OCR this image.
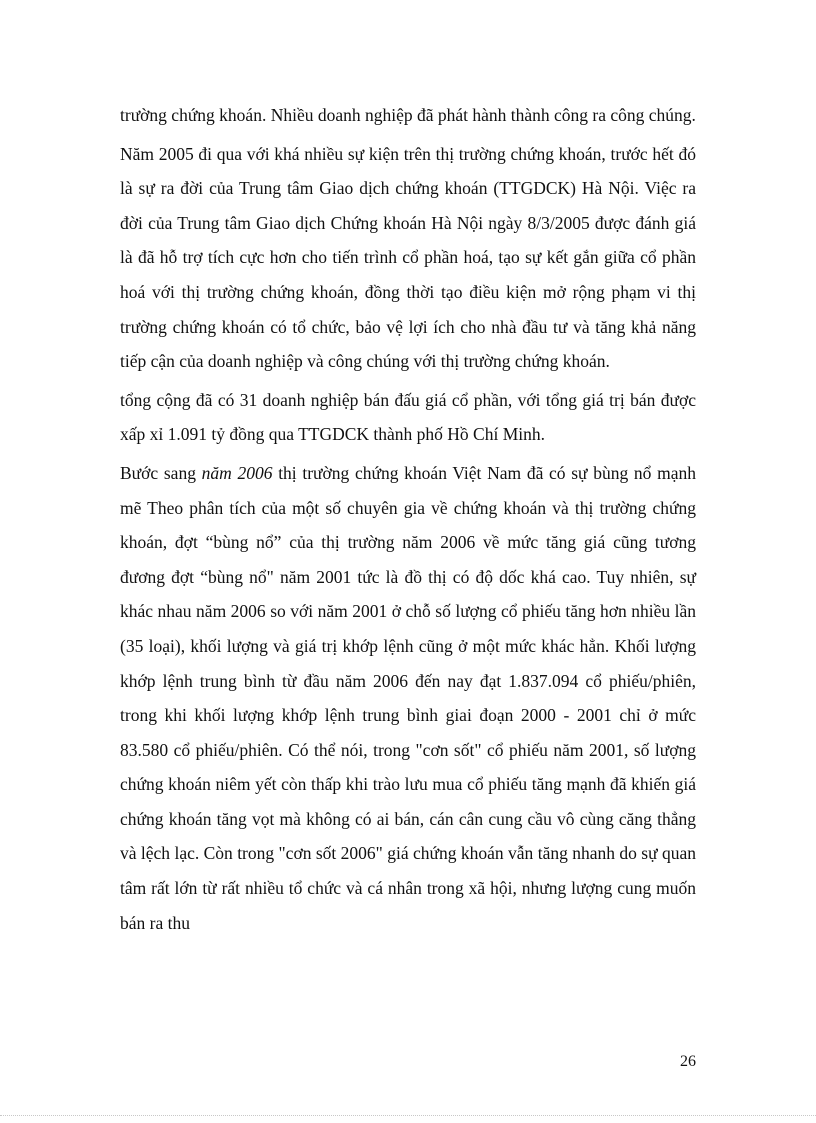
trường chứng khoán. Nhiều doanh nghiệp đã phát hành thành công ra công chúng.

Năm 2005 đi qua với khá nhiều sự kiện trên thị trường chứng khoán, trước hết đó là sự ra đời của Trung tâm Giao dịch chứng khoán (TTGDCK) Hà Nội. Việc ra đời của Trung tâm Giao dịch Chứng khoán Hà Nội ngày 8/3/2005 được đánh giá là đã hỗ trợ tích cực hơn cho tiến trình cổ phần hoá, tạo sự kết gắn giữa cổ phần hoá với thị trường chứng khoán, đồng thời tạo điều kiện mở rộng phạm vi thị trường chứng khoán có tổ chức, bảo vệ lợi ích cho nhà đầu tư và tăng khả năng tiếp cận của doanh nghiệp và công chúng với thị trường chứng khoán.

tổng cộng đã có 31 doanh nghiệp bán đấu giá cổ phần, với tổng giá trị bán được xấp xỉ 1.091 tỷ đồng qua TTGDCK thành phố Hồ Chí Minh.

Bước sang năm 2006 thị trường chứng khoán Việt Nam đã có sự bùng nổ mạnh mẽ Theo phân tích của một số chuyên gia về chứng khoán và thị trường chứng khoán, đợt “bùng nổ” của thị trường năm 2006 về mức tăng giá cũng tương đương đợt “bùng nổ" năm 2001 tức là đồ thị có độ dốc khá cao. Tuy nhiên, sự khác nhau năm 2006 so với năm 2001 ở chỗ số lượng cổ phiếu tăng hơn nhiều lần (35 loại), khối lượng và giá trị khớp lệnh cũng ở một mức khác hẳn. Khối lượng khớp lệnh trung bình từ đầu năm 2006 đến nay đạt 1.837.094 cổ phiếu/phiên, trong khi khối lượng khớp lệnh trung bình giai đoạn 2000 - 2001 chỉ ở mức 83.580 cổ phiếu/phiên. Có thể nói, trong "cơn sốt" cổ phiếu năm 2001, số lượng chứng khoán niêm yết còn thấp khi trào lưu mua cổ phiếu tăng mạnh đã khiến giá chứng khoán tăng vọt mà không có ai bán, cán cân cung cầu vô cùng căng thẳng và lệch lạc. Còn trong "cơn sốt 2006" giá chứng khoán vẫn tăng nhanh do sự quan tâm rất lớn từ rất nhiều tổ chức và cá nhân trong xã hội, nhưng lượng cung muốn bán ra thu

26
